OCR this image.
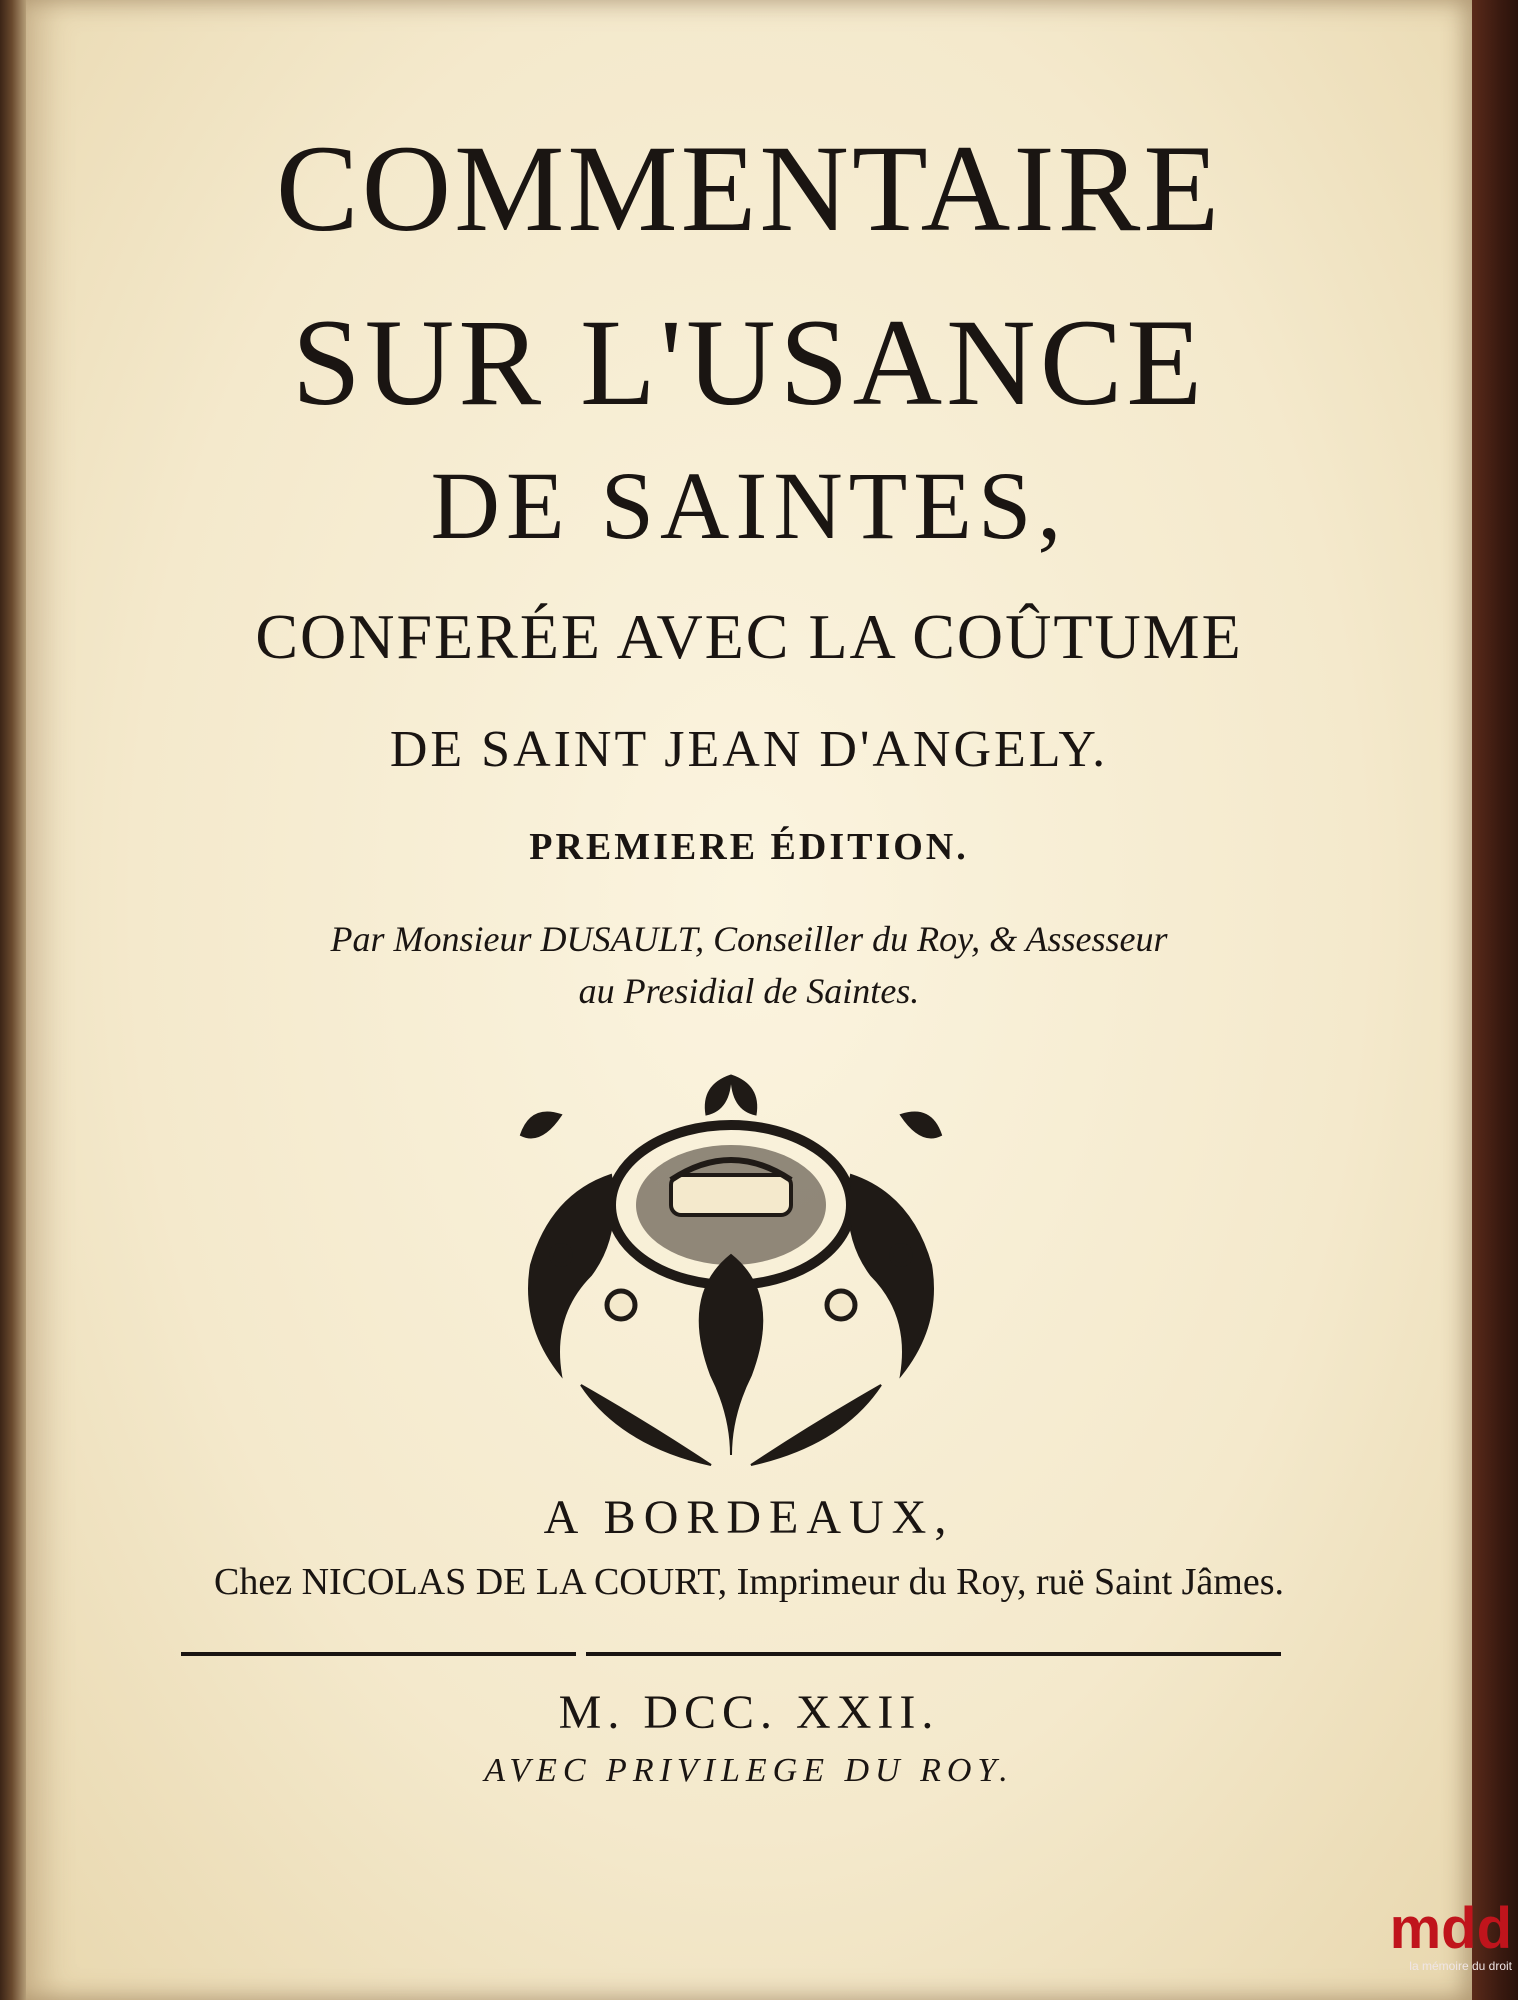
COMMENTAIRE
SUR L'USANCE
DE SAINTES,
CONFERÉE AVEC LA COÛTUME
DE SAINT JEAN D'ANGELY.
PREMIERE ÉDITION.
Par Monsieur DUSAULT, Conseiller du Roy, & Assesseur
au Presidial de Saintes.
A BORDEAUX,
Chez NICOLAS DE LA COURT, Imprimeur du Roy, ruë Saint Jâmes.
M. DCC. XXII.
AVEC PRIVILEGE DU ROY.
mdd
la mémoire du droit
